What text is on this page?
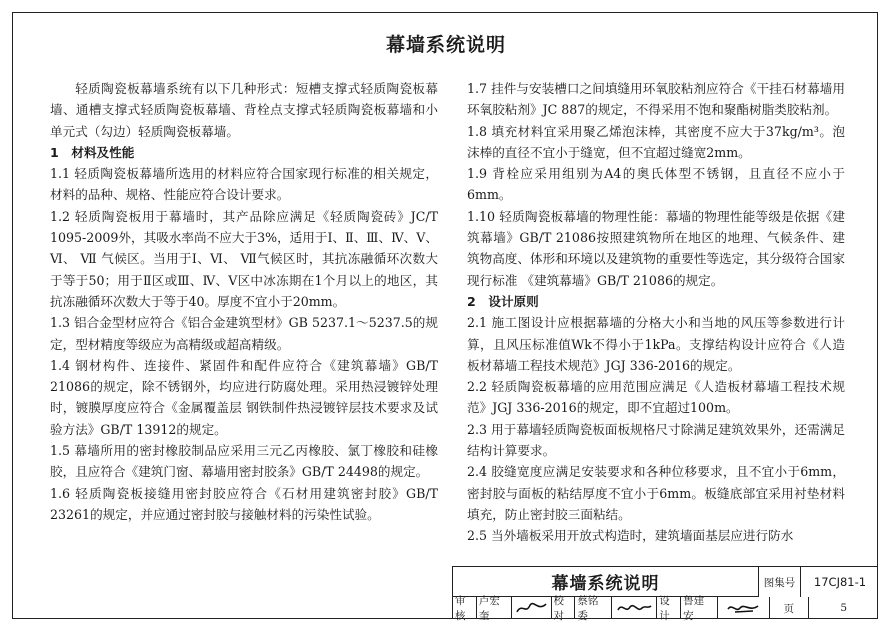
幕墙系统说明

轻质陶瓷板幕墙系统有以下几种形式：短槽支撑式轻质陶瓷板幕墙、通槽支撑式轻质陶瓷板幕墙、背栓点支撑式轻质陶瓷板幕墙和小单元式（勾边）轻质陶瓷板幕墙。

1　材料及性能

1.1 轻质陶瓷板幕墙所选用的材料应符合国家现行标准的相关规定，材料的品种、规格、性能应符合设计要求。

1.2 轻质陶瓷板用于幕墙时，其产品除应满足《轻质陶瓷砖》JC/T 1095-2009外，其吸水率尚不应大于3%，适用于Ⅰ、Ⅱ、Ⅲ、Ⅳ、Ⅴ、Ⅵ、 Ⅶ 气候区。当用于Ⅰ、Ⅵ、 Ⅶ气候区时，其抗冻融循环次数大于等于50；用于Ⅱ区或Ⅲ、Ⅳ、Ⅴ区中冰冻期在1个月以上的地区，其抗冻融循环次数大于等于40。厚度不宜小于20mm。

1.3 铝合金型材应符合《铝合金建筑型材》GB 5237.1～5237.5的规定，型材精度等级应为高精级或超高精级。

1.4 钢材构件、连接件、紧固件和配件应符合《建筑幕墙》GB/T 21086的规定，除不锈钢外，均应进行防腐处理。采用热浸镀锌处理时，镀膜厚度应符合《金属覆盖层 钢铁制件热浸镀锌层技术要求及试验方法》GB/T 13912的规定。

1.5 幕墙所用的密封橡胶制品应采用三元乙丙橡胶、氯丁橡胶和硅橡胶，且应符合《建筑门窗、幕墙用密封胶条》GB/T 24498的规定。

1.6 轻质陶瓷板接缝用密封胶应符合《石材用建筑密封胶》GB/T 23261的规定，并应通过密封胶与接触材料的污染性试验。

1.7 挂件与安装槽口之间填缝用环氧胶粘剂应符合《干挂石材幕墙用环氧胶粘剂》JC 887的规定，不得采用不饱和聚酯树脂类胶粘剂。

1.8 填充材料宜采用聚乙烯泡沫棒，其密度不应大于37kg/m³。泡沫棒的直径不宜小于缝宽，但不宜超过缝宽2mm。

1.9 背栓应采用组别为A4的奥氏体型不锈钢，且直径不应小于6mm。

1.10 轻质陶瓷板幕墙的物理性能：幕墙的物理性能等级是依据《建筑幕墙》GB/T 21086按照建筑物所在地区的地理、气候条件、建筑物高度、体形和环境以及建筑物的重要性等选定，其分级符合国家现行标准 《建筑幕墙》GB/T 21086的规定。

2　设计原则

2.1 施工图设计应根据幕墙的分格大小和当地的风压等参数进行计算，且风压标准值Wk不得小于1kPa。支撑结构设计应符合《人造板材幕墙工程技术规范》JGJ 336-2016的规定。

2.2 轻质陶瓷板幕墙的应用范围应满足《人造板材幕墙工程技术规范》JGJ 336-2016的规定，即不宜超过100m。

2.3 用于幕墙轻质陶瓷板面板规格尺寸除满足建筑效果外，还需满足结构计算要求。

2.4 胶缝宽度应满足安装要求和各种位移要求，且不宜小于6mm，密封胶与面板的粘结厚度不宜小于6mm。板缝底部宜采用衬垫材料填充，防止密封胶三面粘结。

2.5 当外墙板采用开放式构造时，建筑墙面基层应进行防水

幕墙系统说明	图集号	17CJ81-1
审核
卢宏奎
校对
蔡铭委
设计
鲁建安
页	5
